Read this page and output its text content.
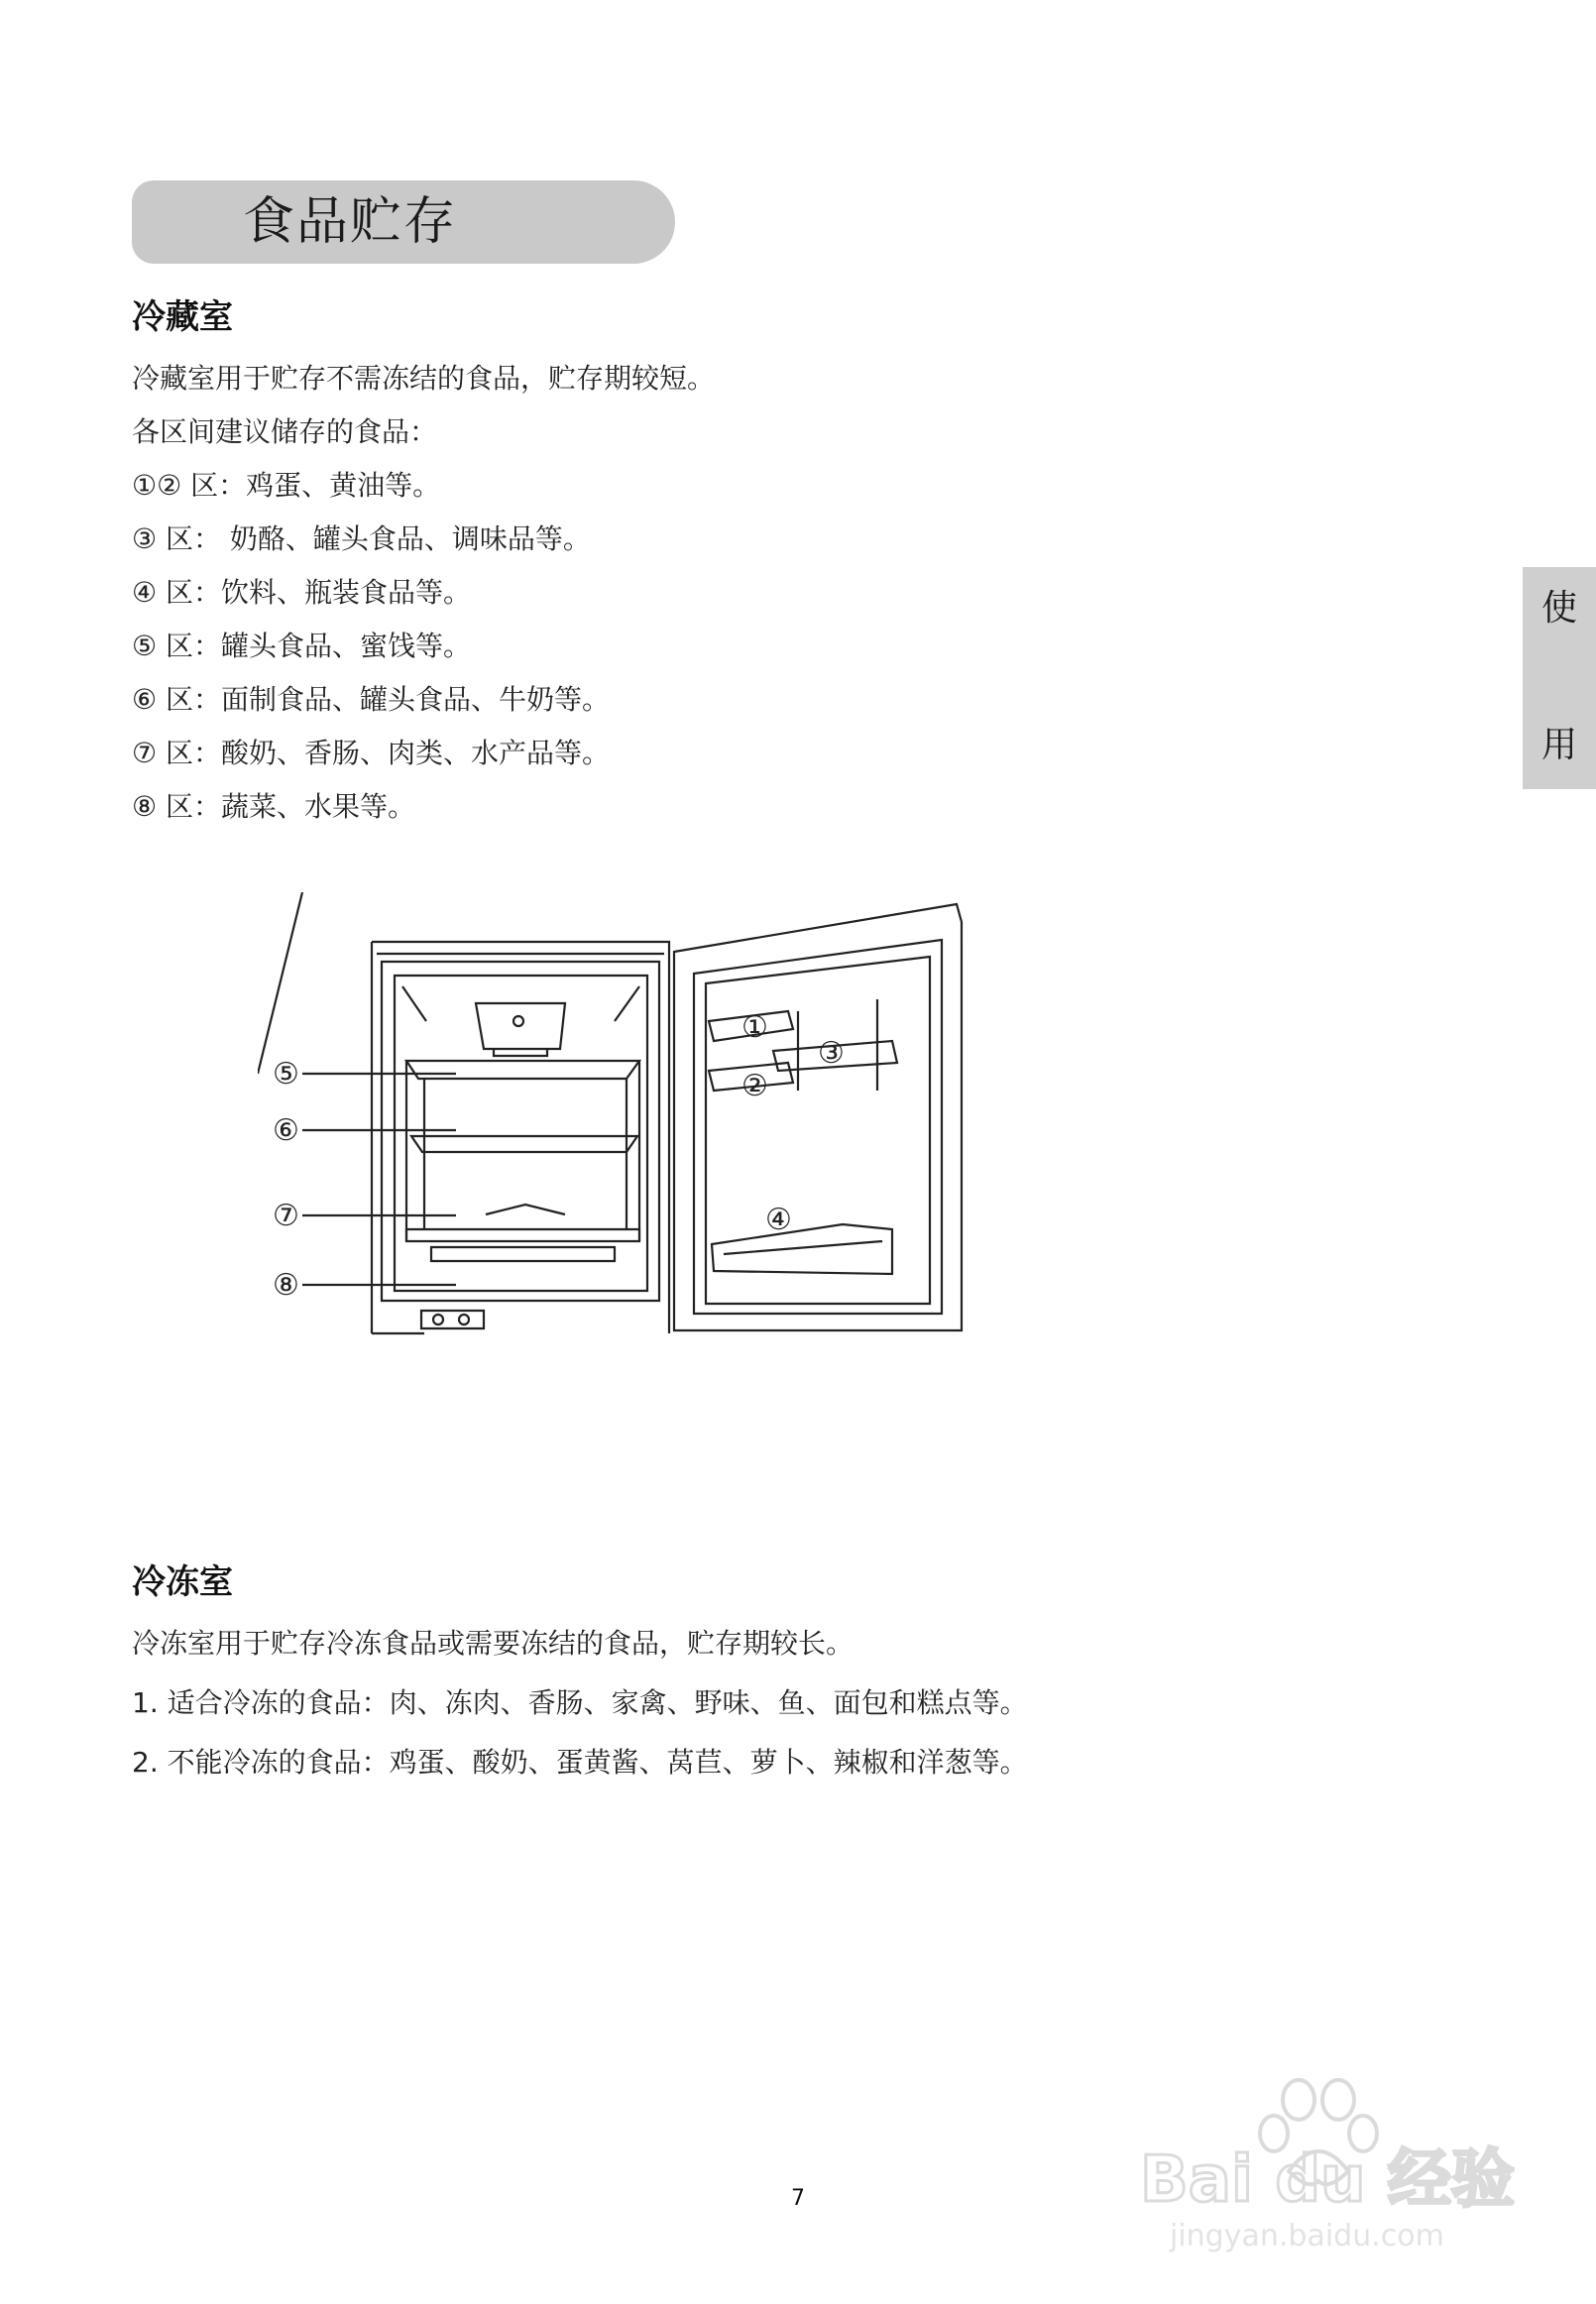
食品贮存
使
用
冷藏室
冷藏室用于贮存不需冻结的食品，贮存期较短。
各区间建议储存的食品：
①② 区：鸡蛋、黄油等。
③ 区： 奶酪、罐头食品、调味品等。
④ 区：饮料、瓶装食品等。
⑤ 区：罐头食品、蜜饯等。
⑥ 区：面制食品、罐头食品、牛奶等。
⑦ 区：酸奶、香肠、肉类、水产品等。
⑧ 区：蔬菜、水果等。
⑤
⑥
⑦
⑧
①
②
③
④
冷冻室
冷冻室用于贮存冷冻食品或需要冻结的食品，贮存期较长。
1. 适合冷冻的食品：肉、冻肉、香肠、家禽、野味、鱼、面包和糕点等。
2. 不能冷冻的食品：鸡蛋、酸奶、蛋黄酱、莴苣、萝卜、辣椒和洋葱等。
7	Bai du 经验
jingyan.baidu.com
